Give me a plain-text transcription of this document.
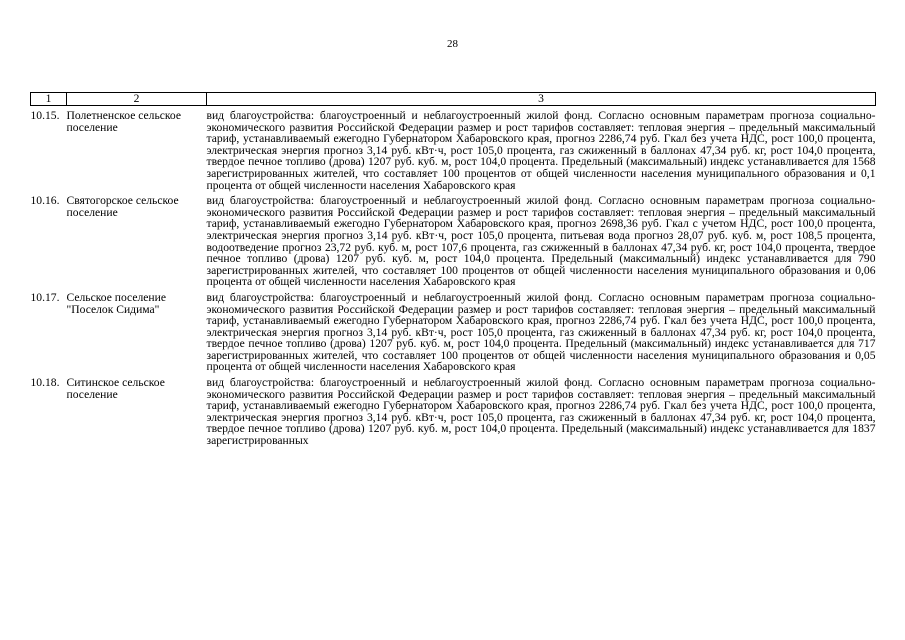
28
1	2	3
10.15.	Полетненское сельское поселение	вид благоустройства: благоустроенный и неблагоустроенный жилой фонд. Согласно основным параметрам прогноза социально-экономического развития Российской Федерации размер и рост тарифов составляет: тепловая энергия – предельный максимальный тариф, устанавливаемый ежегодно Губернатором Хабаровского края, прогноз 2286,74 руб. Гкал без учета НДС, рост 100,0 процента, электрическая энергия прогноз 3,14 руб. кВт·ч, рост 105,0 процента, газ сжиженный в баллонах 47,34 руб. кг, рост 104,0 процента, твердое печное топливо (дрова) 1207 руб. куб. м, рост 104,0 процента. Предельный (максимальный) индекс устанавливается для 1568 зарегистрированных жителей, что составляет 100 процентов от общей численности населения муниципального образования и 0,1 процента от общей численности населения Хабаровского края
10.16.	Святогорское сельское поселение	вид благоустройства: благоустроенный и неблагоустроенный жилой фонд. Согласно основным параметрам прогноза социально-экономического развития Российской Федерации размер и рост тарифов составляет: тепловая энергия – предельный максимальный тариф, устанавливаемый ежегодно Губернатором Хабаровского края, прогноз 2698,36 руб. Гкал с учетом НДС, рост 100,0 процента, электрическая энергия прогноз 3,14 руб. кВт·ч, рост 105,0 процента, питьевая вода прогноз 28,07 руб. куб. м, рост 108,5 процента, водоотведение прогноз 23,72 руб. куб. м, рост 107,6 процента, газ сжиженный в баллонах 47,34 руб. кг, рост 104,0 процента, твердое печное топливо (дрова) 1207 руб. куб. м, рост 104,0 процента. Предельный (максимальный) индекс устанавливается для 790 зарегистрированных жителей, что составляет 100 процентов от общей численности населения муниципального образования и 0,06 процента от общей численности населения Хабаровского края
10.17.	Сельское поселение "Поселок Сидима"	вид благоустройства: благоустроенный и неблагоустроенный жилой фонд. Согласно основным параметрам прогноза социально-экономического развития Российской Федерации размер и рост тарифов составляет: тепловая энергия – предельный максимальный тариф, устанавливаемый ежегодно Губернатором Хабаровского края, прогноз 2286,74 руб. Гкал без учета НДС, рост 100,0 процента, электрическая энергия прогноз 3,14 руб. кВт·ч, рост 105,0 процента, газ сжиженный в баллонах 47,34 руб. кг, рост 104,0 процента, твердое печное топливо (дрова) 1207 руб. куб. м, рост 104,0 процента. Предельный (максимальный) индекс устанавливается для 717 зарегистрированных жителей, что составляет 100 процентов от общей численности населения муниципального образования и 0,05 процента от общей численности населения Хабаровского края
10.18.	Ситинское сельское поселение	вид благоустройства: благоустроенный и неблагоустроенный жилой фонд. Согласно основным параметрам прогноза социально-экономического развития Российской Федерации размер и рост тарифов составляет: тепловая энергия – предельный максимальный тариф, устанавливаемый ежегодно Губернатором Хабаровского края, прогноз 2286,74 руб. Гкал без учета НДС, рост 100,0 процента, электрическая энергия прогноз 3,14 руб. кВт·ч, рост 105,0 процента, газ сжиженный в баллонах 47,34 руб. кг, рост 104,0 процента, твердое печное топливо (дрова) 1207 руб. куб. м, рост 104,0 процента. Предельный (максимальный) индекс устанавливается для 1837 зарегистрированных
